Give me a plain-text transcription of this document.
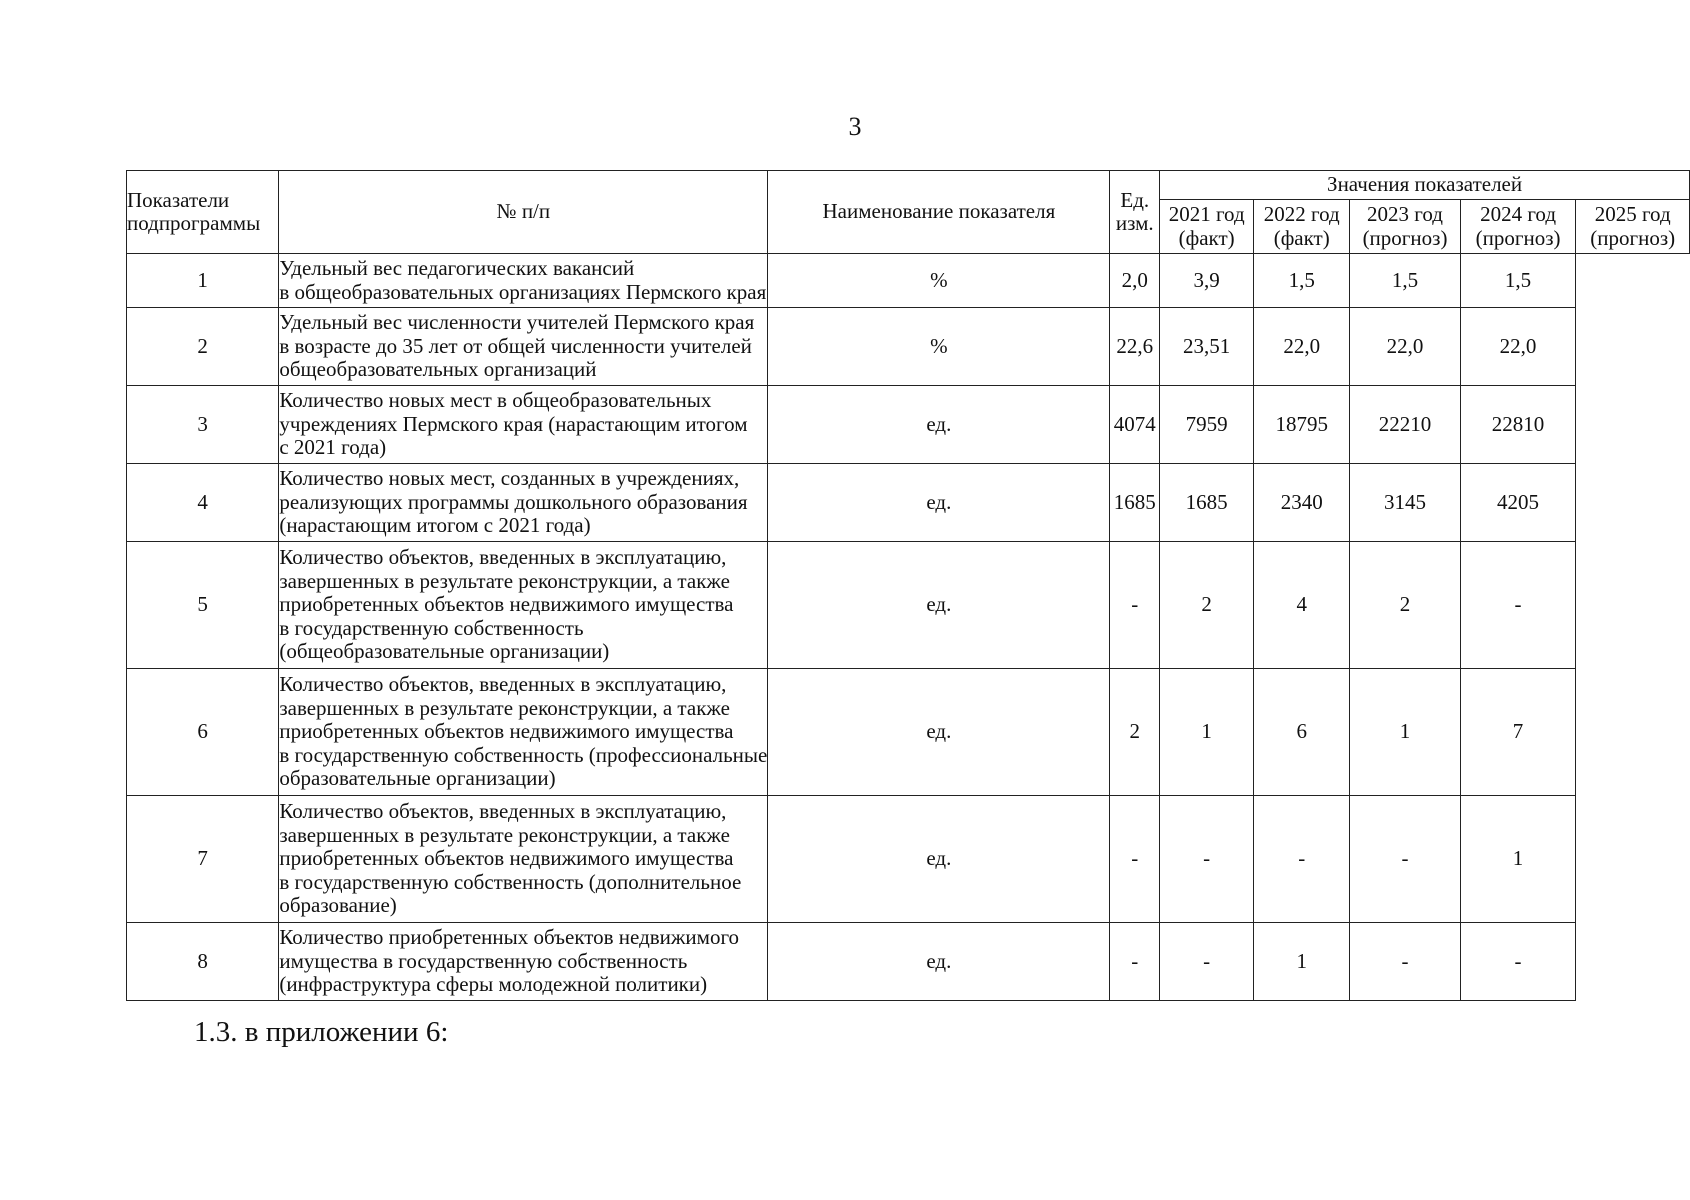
3
Показатели подпрограммы	№ п/п	Наименование показателя	Ед. изм.	Значения показателей				
				2021 год (факт)	2022 год (факт)	2023 год (прогноз)	2024 год (прогноз)	2025 год (прогноз)
1	Удельный вес педагогических вакансий
в общеобразовательных организациях Пермского края	%	2,0	3,9	1,5	1,5	1,5	
2	Удельный вес численности учителей Пермского края
в возрасте до 35 лет от общей численности учителей
общеобразовательных организаций	%	22,6	23,51	22,0	22,0	22,0	
3	Количество новых мест в общеобразовательных
учреждениях Пермского края (нарастающим итогом
с 2021 года)	ед.	4074	7959	18795	22210	22810	
4	Количество новых мест, созданных в учреждениях,
реализующих программы дошкольного образования
(нарастающим итогом с 2021 года)	ед.	1685	1685	2340	3145	4205	
5	Количество объектов, введенных в эксплуатацию,
завершенных в результате реконструкции, а также
приобретенных объектов недвижимого имущества
в государственную собственность
(общеобразовательные организации)	ед.	-	2	4	2	-	
6	Количество объектов, введенных в эксплуатацию,
завершенных в результате реконструкции, а также
приобретенных объектов недвижимого имущества
в государственную собственность (профессиональные
образовательные организации)	ед.	2	1	6	1	7	
7	Количество объектов, введенных в эксплуатацию,
завершенных в результате реконструкции, а также
приобретенных объектов недвижимого имущества
в государственную собственность (дополнительное
образование)	ед.	-	-	-	-	1	
8	Количество приобретенных объектов недвижимого
имущества в государственную собственность
(инфраструктура сферы молодежной политики)	ед.	-	-	1	-	-	
1.3. в приложении 6:
